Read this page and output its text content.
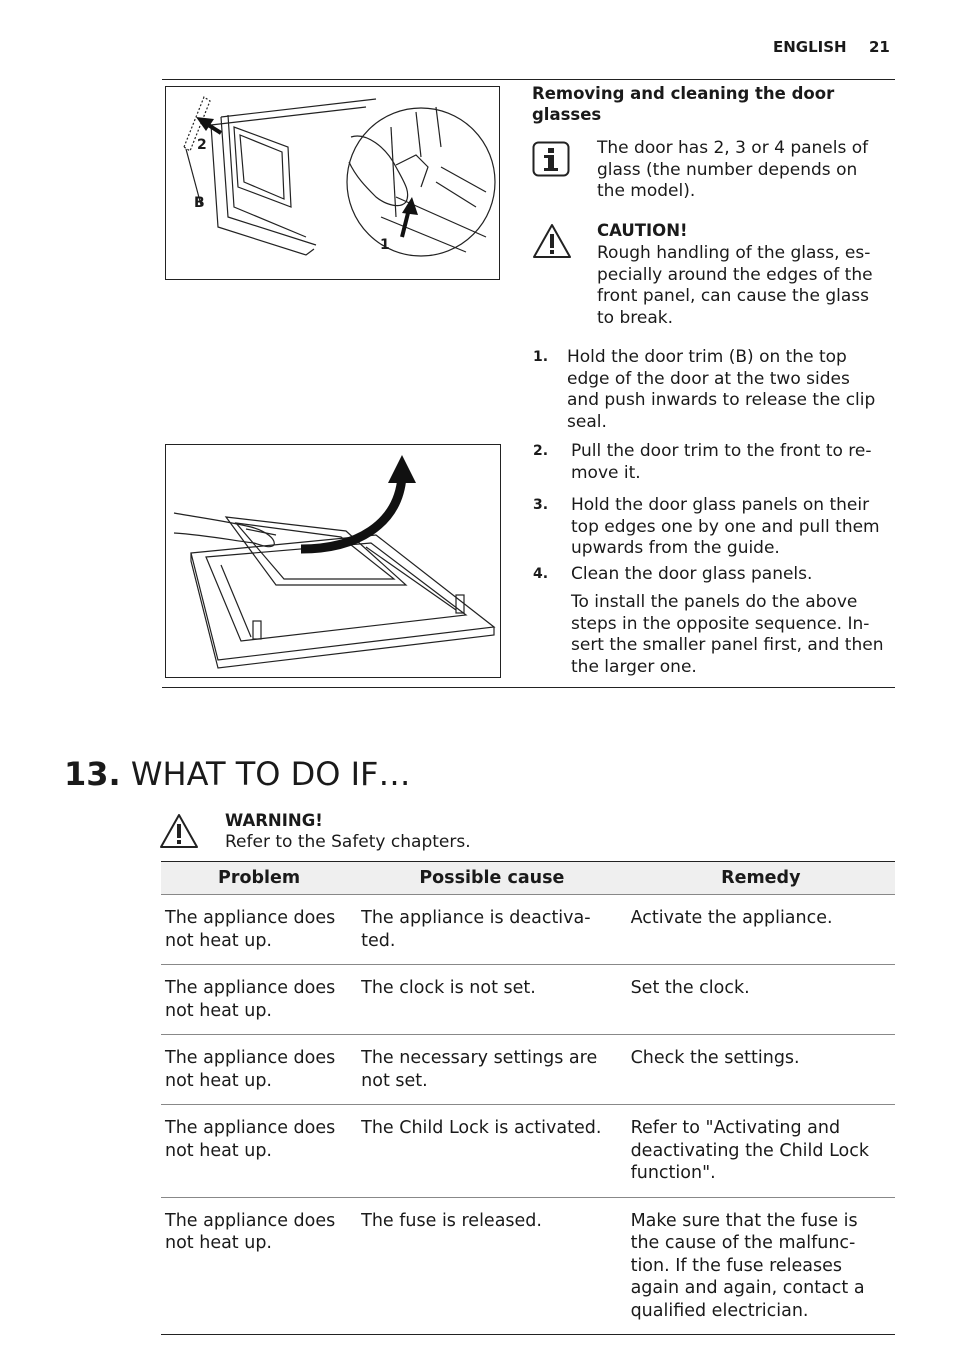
ENGLISH 21
2
B
1
Removing and cleaning the door glasses
The door has 2, 3 or 4 panels of glass (the number depends on the model).
CAUTION!
Rough handling of the glass, es-pecially around the edges of the front panel, can cause the glass to break.
1. Hold the door trim (B) on the top edge of the door at the two sides and push inwards to release the clip seal.
2. Pull the door trim to the front to re-move it.
3. Hold the door glass panels on their top edges one by one and pull them upwards from the guide.
4. Clean the door glass panels.
To install the panels do the above steps in the opposite sequence. In-sert the smaller panel first, and then the larger one.
13. WHAT TO DO IF…
WARNING!
Refer to the Safety chapters.
Problem	Possible cause	Remedy
The appliance does not heat up.	The appliance is deactiva-ted.	Activate the appliance.
The appliance does not heat up.	The clock is not set.	Set the clock.
The appliance does not heat up.	The necessary settings are not set.	Check the settings.
The appliance does not heat up.	The Child Lock is activated.	Refer to "Activating and deactivating the Child Lock function".
The appliance does not heat up.	The fuse is released.	Make sure that the fuse is the cause of the malfunc-tion. If the fuse releases again and again, contact a qualified electrician.
